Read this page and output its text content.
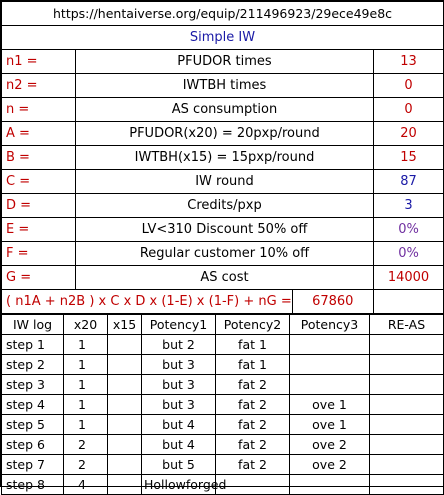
https://hentaiverse.org/equip/211496923/29ece49e8c		
Simple IW		
n1 =	PFUDOR times	13
n2 =	IWTBH times	0
n =	AS consumption	0
A =	PFUDOR(x20) = 20pxp/round	20
B =	IWTBH(x15) = 15pxp/round	15
C =	IW round	87
D =	Credits/pxp	3
E =	LV<310 Discount 50% off	0%
F =	Regular customer 10% off	0%
G =	AS cost	14000

( n1A + n2B ) x C x D x (1-E) x (1-F) + nG = 67860		

IW log	x20	x15	Potency1	Potency2	Potency3	RE-AS
step 1	1		but 2	fat 1		
step 2	1		but 3	fat 1		
step 3	1		but 3	fat 2		
step 4	1		but 3	fat 2	ove 1	
step 5	1		but 4	fat 2	ove 1	
step 6	2		but 4	fat 2	ove 2	
step 7	2		but 5	fat 2	ove 2	
step 8	4		Hollowforged			
